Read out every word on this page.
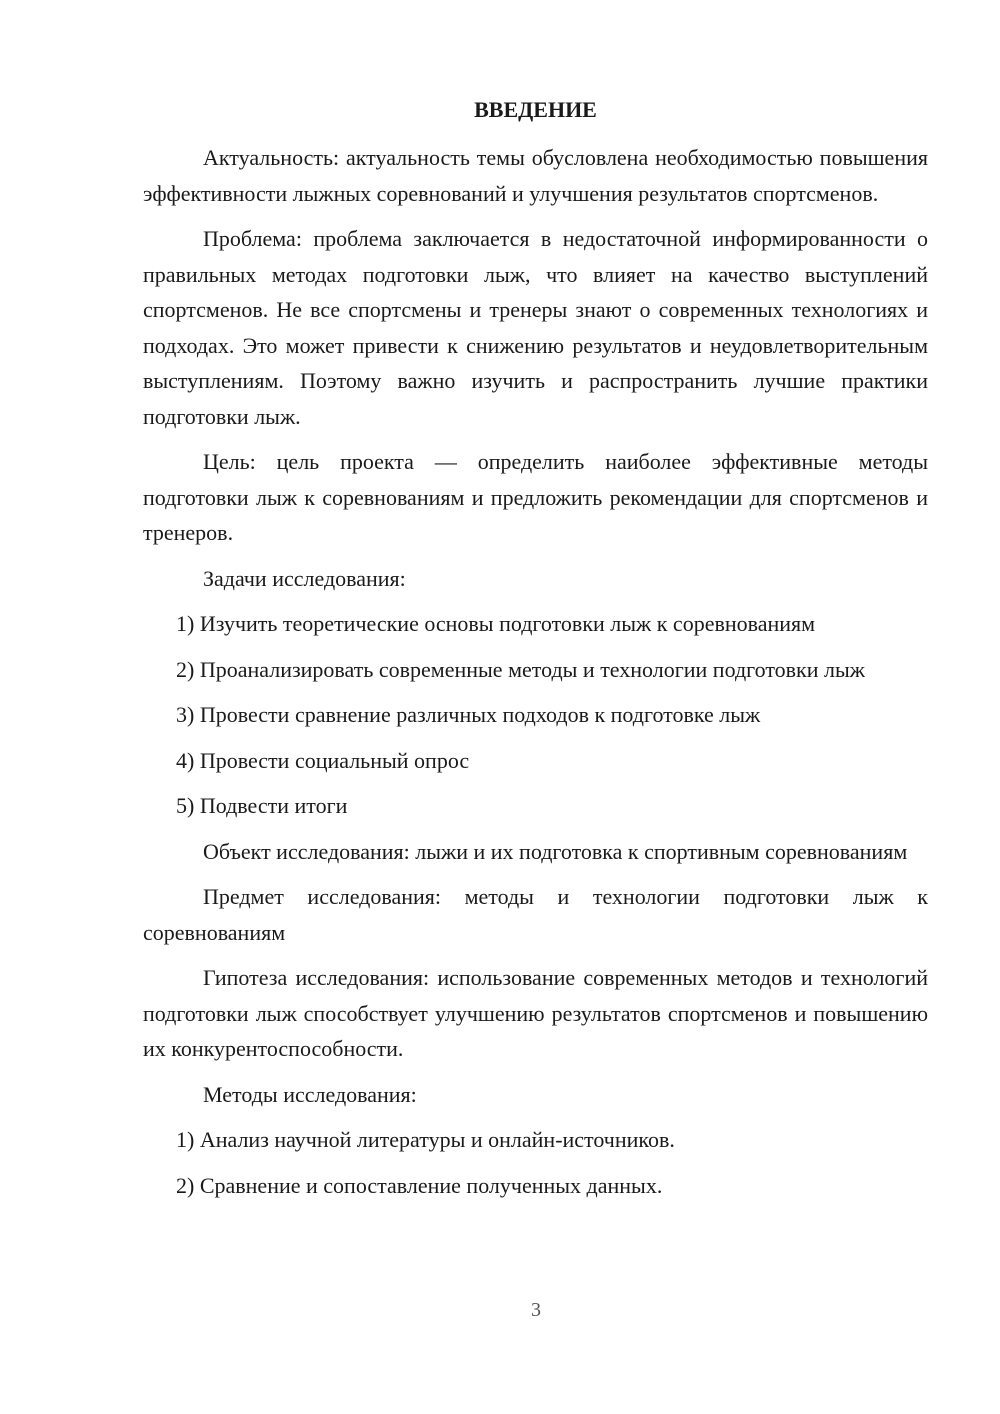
ВВЕДЕНИЕ

Актуальность: актуальность темы обусловлена необходимостью повышения эффективности лыжных соревнований и улучшения результатов спортсменов.

Проблема: проблема заключается в недостаточной информированности о правильных методах подготовки лыж, что влияет на качество выступлений спортсменов. Не все спортсмены и тренеры знают о современных технологиях и подходах. Это может привести к снижению результатов и неудовлетворительным выступлениям. Поэтому важно изучить и распространить лучшие практики подготовки лыж.

Цель: цель проекта — определить наиболее эффективные методы подготовки лыж к соревнованиям и предложить рекомендации для спортсменов и тренеров.

Задачи исследования:

1) Изучить теоретические основы подготовки лыж к соревнованиям

2) Проанализировать современные методы и технологии подготовки лыж

3) Провести сравнение различных подходов к подготовке лыж

4) Провести социальный опрос

5) Подвести итоги

Объект исследования: лыжи и их подготовка к спортивным соревнованиям

Предмет исследования: методы и технологии подготовки лыж к соревнованиям

Гипотеза исследования: использование современных методов и технологий подготовки лыж способствует улучшению результатов спортсменов и повышению их конкурентоспособности.

Методы исследования:

1) Анализ научной литературы и онлайн-источников.

2) Сравнение и сопоставление полученных данных.

3
